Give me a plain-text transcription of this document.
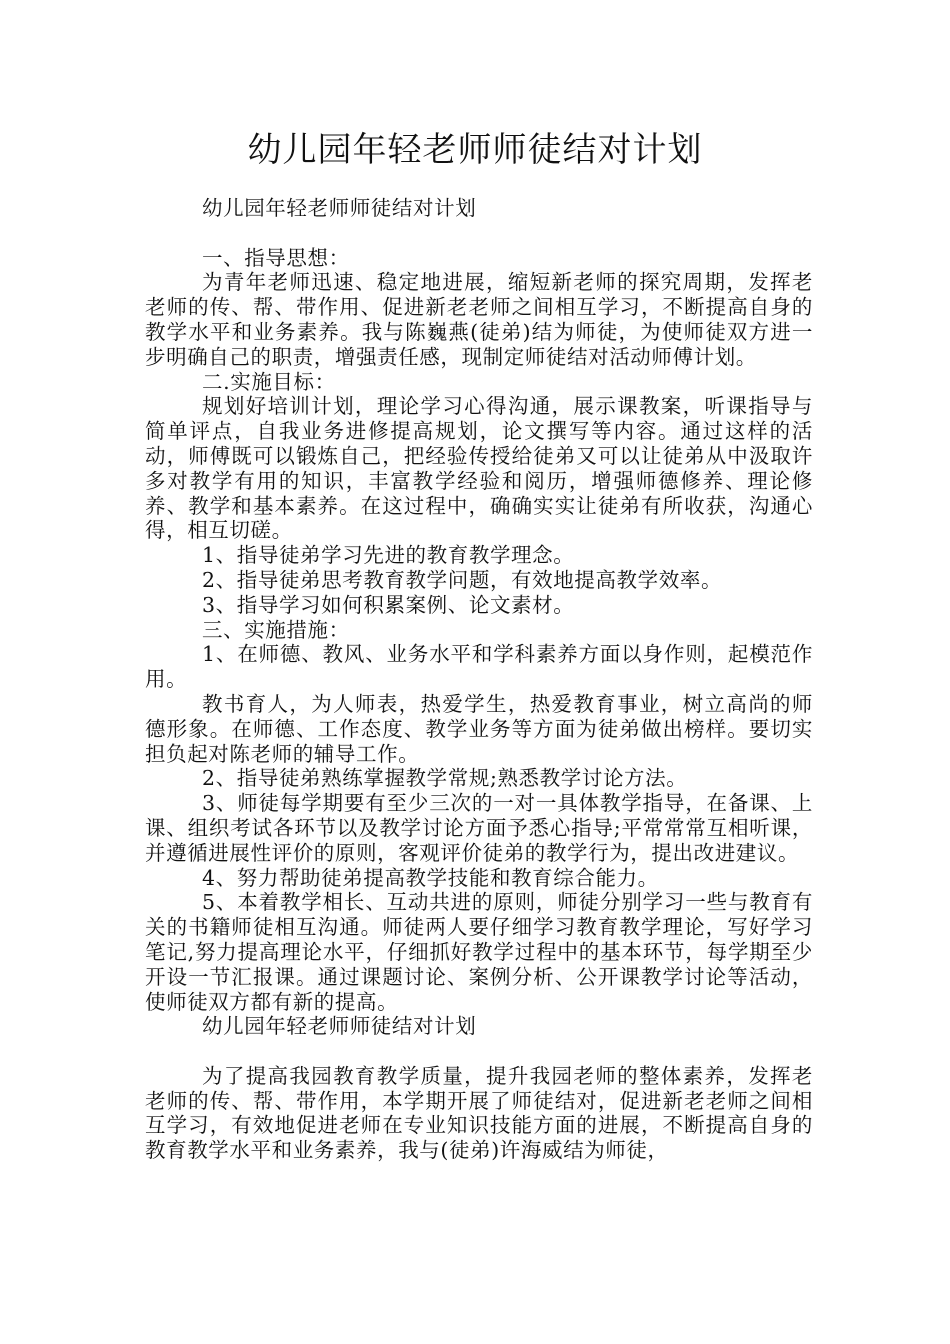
幼儿园年轻老师师徒结对计划

幼儿园年轻老师师徒结对计划

一、指导思想：

为青年老师迅速、稳定地进展，缩短新老师的探究周期，发挥老老师的传、帮、带作用、促进新老老师之间相互学习，不断提高自身的教学水平和业务素养。我与陈巍燕(徒弟)结为师徒，为使师徒双方进一步明确自己的职责，增强责任感，现制定师徒结对活动师傅计划。

二.实施目标：

规划好培训计划，理论学习心得沟通，展示课教案，听课指导与简单评点，自我业务进修提高规划，论文撰写等内容。通过这样的活动，师傅既可以锻炼自己，把经验传授给徒弟又可以让徒弟从中汲取许多对教学有用的知识，丰富教学经验和阅历，增强师德修养、理论修养、教学和基本素养。在这过程中，确确实实让徒弟有所收获，沟通心得，相互切磋。

1、指导徒弟学习先进的教育教学理念。

2、指导徒弟思考教育教学问题，有效地提高教学效率。

3、指导学习如何积累案例、论文素材。

三、实施措施：

1、在师德、教风、业务水平和学科素养方面以身作则，起模范作用。

教书育人，为人师表，热爱学生，热爱教育事业，树立高尚的师德形象。在师德、工作态度、教学业务等方面为徒弟做出榜样。要切实担负起对陈老师的辅导工作。

2、指导徒弟熟练掌握教学常规;熟悉教学讨论方法。

3、师徒每学期要有至少三次的一对一具体教学指导，在备课、上课、组织考试各环节以及教学讨论方面予悉心指导;平常常常互相听课，并遵循进展性评价的原则，客观评价徒弟的教学行为，提出改进建议。

4、努力帮助徒弟提高教学技能和教育综合能力。

5、本着教学相长、互动共进的原则，师徒分别学习一些与教育有关的书籍师徒相互沟通。师徒两人要仔细学习教育教学理论，写好学习笔记,努力提高理论水平，仔细抓好教学过程中的基本环节，每学期至少开设一节汇报课。通过课题讨论、案例分析、公开课教学讨论等活动，使师徒双方都有新的提高。

幼儿园年轻老师师徒结对计划

为了提高我园教育教学质量，提升我园老师的整体素养，发挥老老师的传、帮、带作用，本学期开展了师徒结对，促进新老老师之间相互学习，有效地促进老师在专业知识技能方面的进展，不断提高自身的教育教学水平和业务素养，我与(徒弟)许海威结为师徒，
